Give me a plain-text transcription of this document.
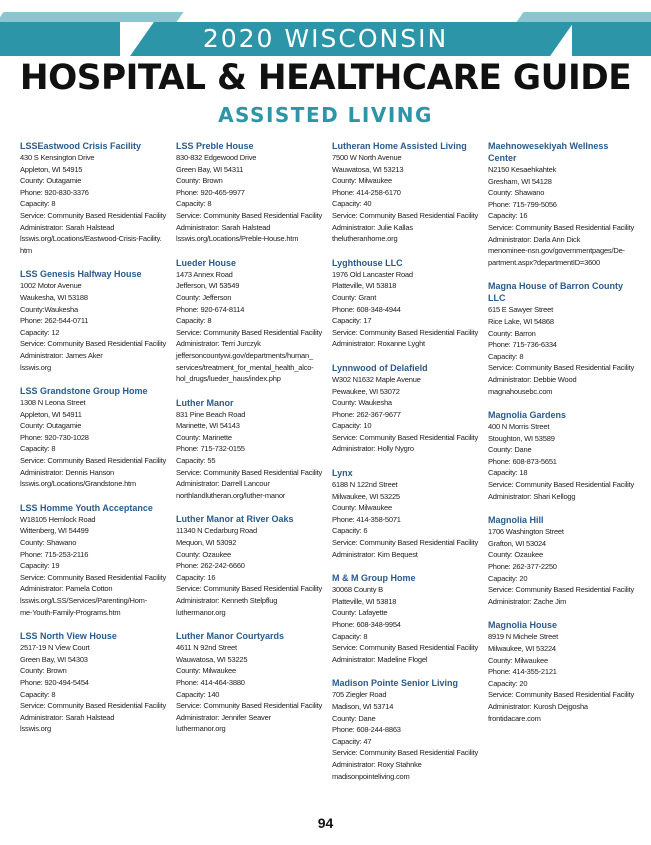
2020 WISCONSIN
HOSPITAL & HEALTHCARE GUIDE
ASSISTED LIVING
LSSEastwood Crisis Facility
430 S Kensington Drive
Appleton, WI 54915
County: Outagamie
Phone: 920-830-3376
Capacity: 8
Service: Community Based Residential Facility
Administrator: Sarah Halstead
lsswis.org/Locations/Eastwood-Crisis-Facility.
htm
LSS Genesis Halfway House
1002 Motor Avenue
Waukesha, WI 53188
County:Waukesha
Phone: 262-544-0711
Capacity: 12
Service: Community Based Residential Facility
Administrator: James Aker
lsswis.org
LSS Grandstone Group Home
1308 N Leona Street
Appleton, WI 54911
County: Outagamie
Phone: 920-730-1028
Capacity: 8
Service: Community Based Residential Facility
Administrator: Dennis Hanson
lsswis.org/Locations/Grandstone.htm
LSS Homme Youth Acceptance
W18105 Hemlock Road
Wittenberg, WI 54499
County: Shawano
Phone: 715-253-2116
Capacity: 19
Service: Community Based Residential Facility
Administrator: Pamela Cotton
lsswis.org/LSS/Services/Parenting/Hom-
me-Youth-Family-Programs.htm
LSS North View House
2517-19 N View Court
Green Bay, WI 54303
County: Brown
Phone: 920-494-5454
Capacity: 8
Service: Community Based Residential Facility
Administrator: Sarah Halstead
lsswis.org
LSS Preble House
830-832 Edgewood Drive
Green Bay, WI 54311
County: Brown
Phone: 920-465-9977
Capacity: 8
Service: Community Based Residential Facility
Administrator: Sarah Halstead
lsswis.org/Locations/Preble-House.htm
Lueder House
1473 Annex Road
Jefferson, WI 53549
County: Jefferson
Phone: 920-674-8114
Capacity: 8
Service: Community Based Residential Facility
Administrator: Terri Jurczyk
jeffersoncountywi.gov/departments/human_
services/treatment_for_mental_health_alco-
hol_drugs/lueder_haus/index.php
Luther Manor
831 Pine Beach Road
Marinette, WI 54143
County: Marinette
Phone: 715-732-0155
Capacity: 55
Service: Community Based Residential Facility
Administrator: Darrell Lancour
northlandlutheran.org/luther-manor
Luther Manor at River Oaks
11340 N Cedarburg Road
Mequon, WI 53092
County: Ozaukee
Phone: 262-242-6660
Capacity: 16
Service: Community Based Residential Facility
Administrator: Kenneth Stelpflug
luthermanor.org
Luther Manor Courtyards
4611 N 92nd Street
Wauwatosa, WI 53225
County: Milwaukee
Phone: 414-464-3880
Capacity: 140
Service: Community Based Residential Facility
Administrator: Jennifer Seaver
luthermanor.org
Lutheran Home Assisted Living
7500 W North Avenue
Wauwatosa, WI 53213
County: Milwaukee
Phone: 414-258-6170
Capacity: 40
Service: Community Based Residential Facility
Administrator: Julie Kallas
thelutheranhome.org
Lyghthouse LLC
1976 Old Lancaster Road
Platteville, WI 53818
County: Grant
Phone: 608-348-4944
Capacity: 17
Service: Community Based Residential Facility
Administrator: Roxanne Lyght
Lynnwood of Delafield
W302 N1632 Maple Avenue
Pewaukee, WI 53072
County: Waukesha
Phone: 262-367-9677
Capacity: 10
Service: Community Based Residential Facility
Administrator: Holly Nygro
Lynx
6188 N 122nd Street
Milwaukee, WI 53225
County: Milwaukee
Phone: 414-358-5071
Capacity: 6
Service: Community Based Residential Facility
Administrator: Kim Bequest
M & M Group Home
30068 County B
Platteville, WI 53818
County: Lafayette
Phone: 608-348-9954
Capacity: 8
Service: Community Based Residential Facility
Administrator: Madeline Flogel
Madison Pointe Senior Living
705 Ziegler Road
Madison, WI 53714
County: Dane
Phone: 608-244-8863
Capacity: 47
Service: Community Based Residential Facility
Administrator: Roxy Stahnke
madisonpointeliving.com
Maehnowesekiyah Wellness Center
N2150 Kesaehkahtek
Gresham, WI 54128
County: Shawano
Phone: 715-799-5056
Capacity: 16
Service: Community Based Residential Facility
Administrator: Darla Ann Dick
menominee-nsn.gov/governmentpages/De-
partment.aspx?departmentID=3600
Magna House of Barron County LLC
615 E Sawyer Street
Rice Lake, WI 54868
County: Barron
Phone: 715-736-6334
Capacity: 8
Service: Community Based Residential Facility
Administrator: Debbie Wood
magnahousebc.com
Magnolia Gardens
400 N Morris Street
Stoughton, WI 53589
County: Dane
Phone: 608-873-5651
Capacity: 18
Service: Community Based Residential Facility
Administrator: Shari Kellogg
Magnolia Hill
1706 Washington Street
Grafton, WI 53024
County: Ozaukee
Phone: 262-377-2250
Capacity: 20
Service: Community Based Residential Facility
Administrator: Zache Jim
Magnolia House
8919 N Michele Street
Milwaukee, WI 53224
County: Milwaukee
Phone: 414-355-2121
Capacity: 20
Service: Community Based Residential Facility
Administrator: Kurosh Dejgosha
frontidacare.com
94
